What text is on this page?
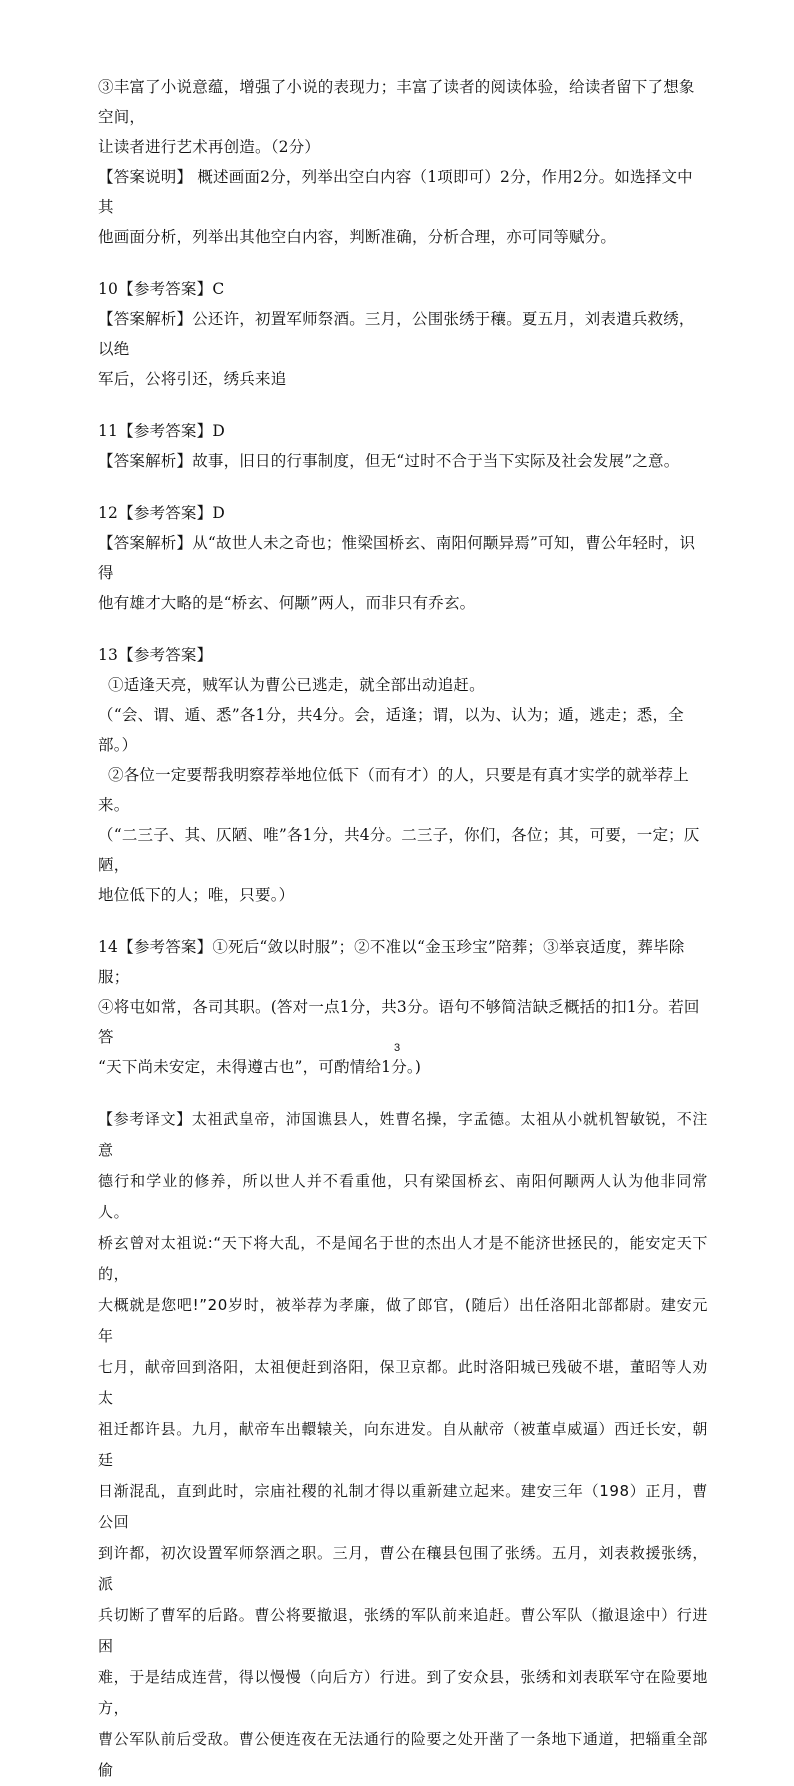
③丰富了小说意蕴，增强了小说的表现力；丰富了读者的阅读体验，给读者留下了想象空间，

让读者进行艺术再创造。（2分）

【答案说明】 概述画面2分，列举出空白内容（1项即可）2分，作用2分。如选择文中其

他画面分析，列举出其他空白内容，判断准确，分析合理，亦可同等赋分。

10【参考答案】C

【答案解析】公还许，初置军师祭酒。三月，公围张绣于穰。夏五月，刘表遣兵救绣，以绝

军后，公将引还，绣兵来追

11【参考答案】D

【答案解析】故事，旧日的行事制度，但无“过时不合于当下实际及社会发展”之意。

12【参考答案】D

【答案解析】从“故世人未之奇也；惟梁国桥玄、南阳何颙异焉”可知，曹公年轻时，识得

他有雄才大略的是“桥玄、何颙”两人，而非只有乔玄。

13【参考答案】

①适逢天亮，贼军认为曹公已逃走，就全部出动追赶。

（“会、谓、遁、悉”各1分，共4分。会，适逢；谓，以为、认为；遁，逃走；悉，全部。）

②各位一定要帮我明察荐举地位低下（而有才）的人，只要是有真才实学的就举荐上来。

（“二三子、其、仄陋、唯”各1分，共4分。二三子，你们，各位；其，可要，一定；仄陋，

地位低下的人；唯，只要。）

14【参考答案】①死后“敛以时服”；②不准以“金玉珍宝”陪葬；③举哀适度，葬毕除服；

④将屯如常，各司其职。(答对一点1分，共3分。语句不够简洁缺乏概括的扣1分。若回答

“天下尚未安定，未得遵古也”，可酌情给1分。)

【参考译文】太祖武皇帝，沛国谯县人，姓曹名操，字孟德。太祖从小就机智敏锐，不注意

德行和学业的修养，所以世人并不看重他，只有梁国桥玄、南阳何颙两人认为他非同常人。

桥玄曾对太祖说:“天下将大乱，不是闻名于世的杰出人才是不能济世拯民的，能安定天下的，

大概就是您吧!”20岁时，被举荐为孝廉，做了郎官，(随后）出任洛阳北部都尉。建安元年

七月，献帝回到洛阳，太祖便赶到洛阳，保卫京都。此时洛阳城已残破不堪，董昭等人劝太

祖迁都许县。九月，献帝车出轘辕关，向东进发。自从献帝（被董卓威逼）西迁长安，朝廷

日渐混乱，直到此时，宗庙社稷的礼制才得以重新建立起来。建安三年（198）正月，曹公回

到许都，初次设置军师祭酒之职。三月，曹公在穰县包围了张绣。五月，刘表救援张绣，派

兵切断了曹军的后路。曹公将要撤退，张绣的军队前来追赶。曹公军队（撤退途中）行进困

难，于是结成连营，得以慢慢（向后方）行进。到了安众县，张绣和刘表联军守在险要地方，

曹公军队前后受敌。曹公便连夜在无法通行的险要之处开凿了一条地下通道，把辎重全部偷

3
